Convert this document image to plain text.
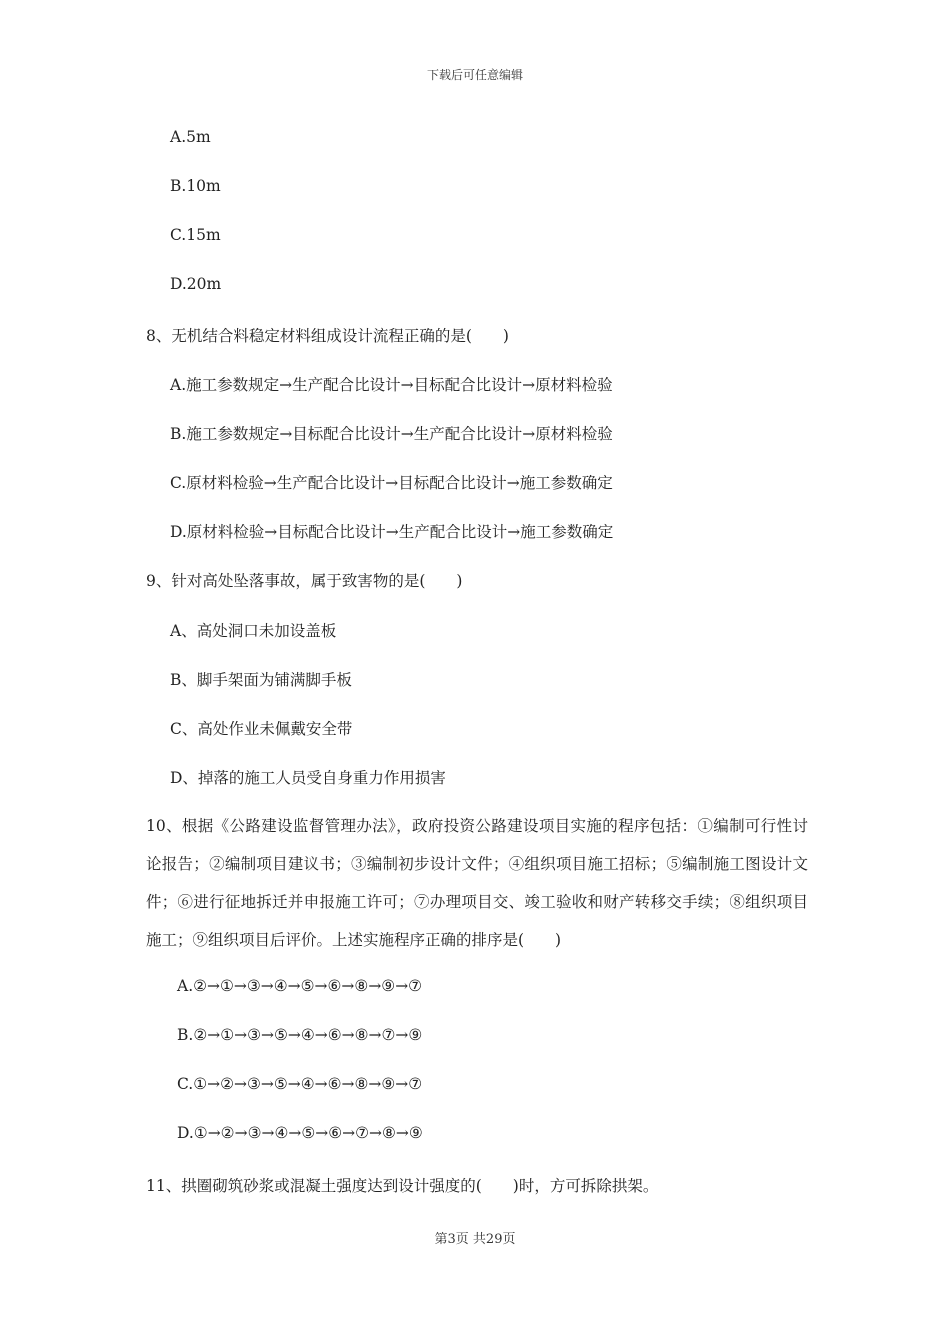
下载后可任意编辑
A.5m
B.10m
C.15m
D.20m
8、无机结合料稳定材料组成设计流程正确的是(　　)
A.施工参数规定→生产配合比设计→目标配合比设计→原材料检验
B.施工参数规定→目标配合比设计→生产配合比设计→原材料检验
C.原材料检验→生产配合比设计→目标配合比设计→施工参数确定
D.原材料检验→目标配合比设计→生产配合比设计→施工参数确定
9、针对高处坠落事故，属于致害物的是(　　)
A、高处洞口未加设盖板
B、脚手架面为铺满脚手板
C、高处作业未佩戴安全带
D、掉落的施工人员受自身重力作用损害
10、根据《公路建设监督管理办法》，政府投资公路建设项目实施的程序包括：①编制可行性讨论报告；②编制项目建议书；③编制初步设计文件；④组织项目施工招标；⑤编制施工图设计文件；⑥进行征地拆迁并申报施工许可；⑦办理项目交、竣工验收和财产转移交手续；⑧组织项目施工；⑨组织项目后评价。上述实施程序正确的排序是(　　)
A.②→①→③→④→⑤→⑥→⑧→⑨→⑦
B.②→①→③→⑤→④→⑥→⑧→⑦→⑨
C.①→②→③→⑤→④→⑥→⑧→⑨→⑦
D.①→②→③→④→⑤→⑥→⑦→⑧→⑨
11、拱圈砌筑砂浆或混凝土强度达到设计强度的(　　)时，方可拆除拱架。
第3页 共29页
